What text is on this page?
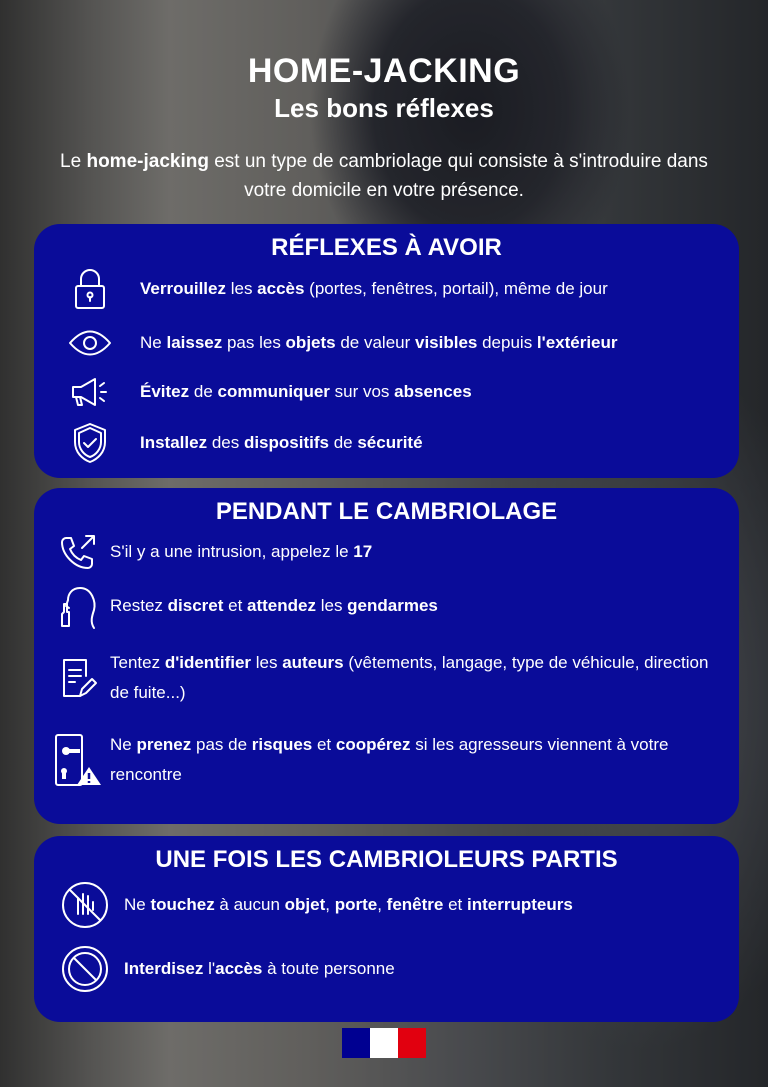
HOME-JACKING
Les bons réflexes
Le home-jacking est un type de cambriolage qui consiste à s'introduire dans votre domicile en votre présence.
RÉFLEXES À AVOIR
Verrouillez les accès (portes, fenêtres, portail), même de jour
Ne laissez pas les objets de valeur visibles depuis l'extérieur
Évitez de communiquer sur vos absences
Installez des dispositifs de sécurité
PENDANT LE CAMBRIOLAGE
S'il y a une intrusion, appelez le 17
Restez discret et attendez les gendarmes
Tentez d'identifier les auteurs (vêtements, langage, type de véhicule, direction de fuite...)
Ne prenez pas de risques et coopérez si les agresseurs viennent à votre rencontre
UNE FOIS LES CAMBRIOLEURS PARTIS
Ne touchez à aucun objet, porte, fenêtre et interrupteurs
Interdisez l'accès à toute personne
